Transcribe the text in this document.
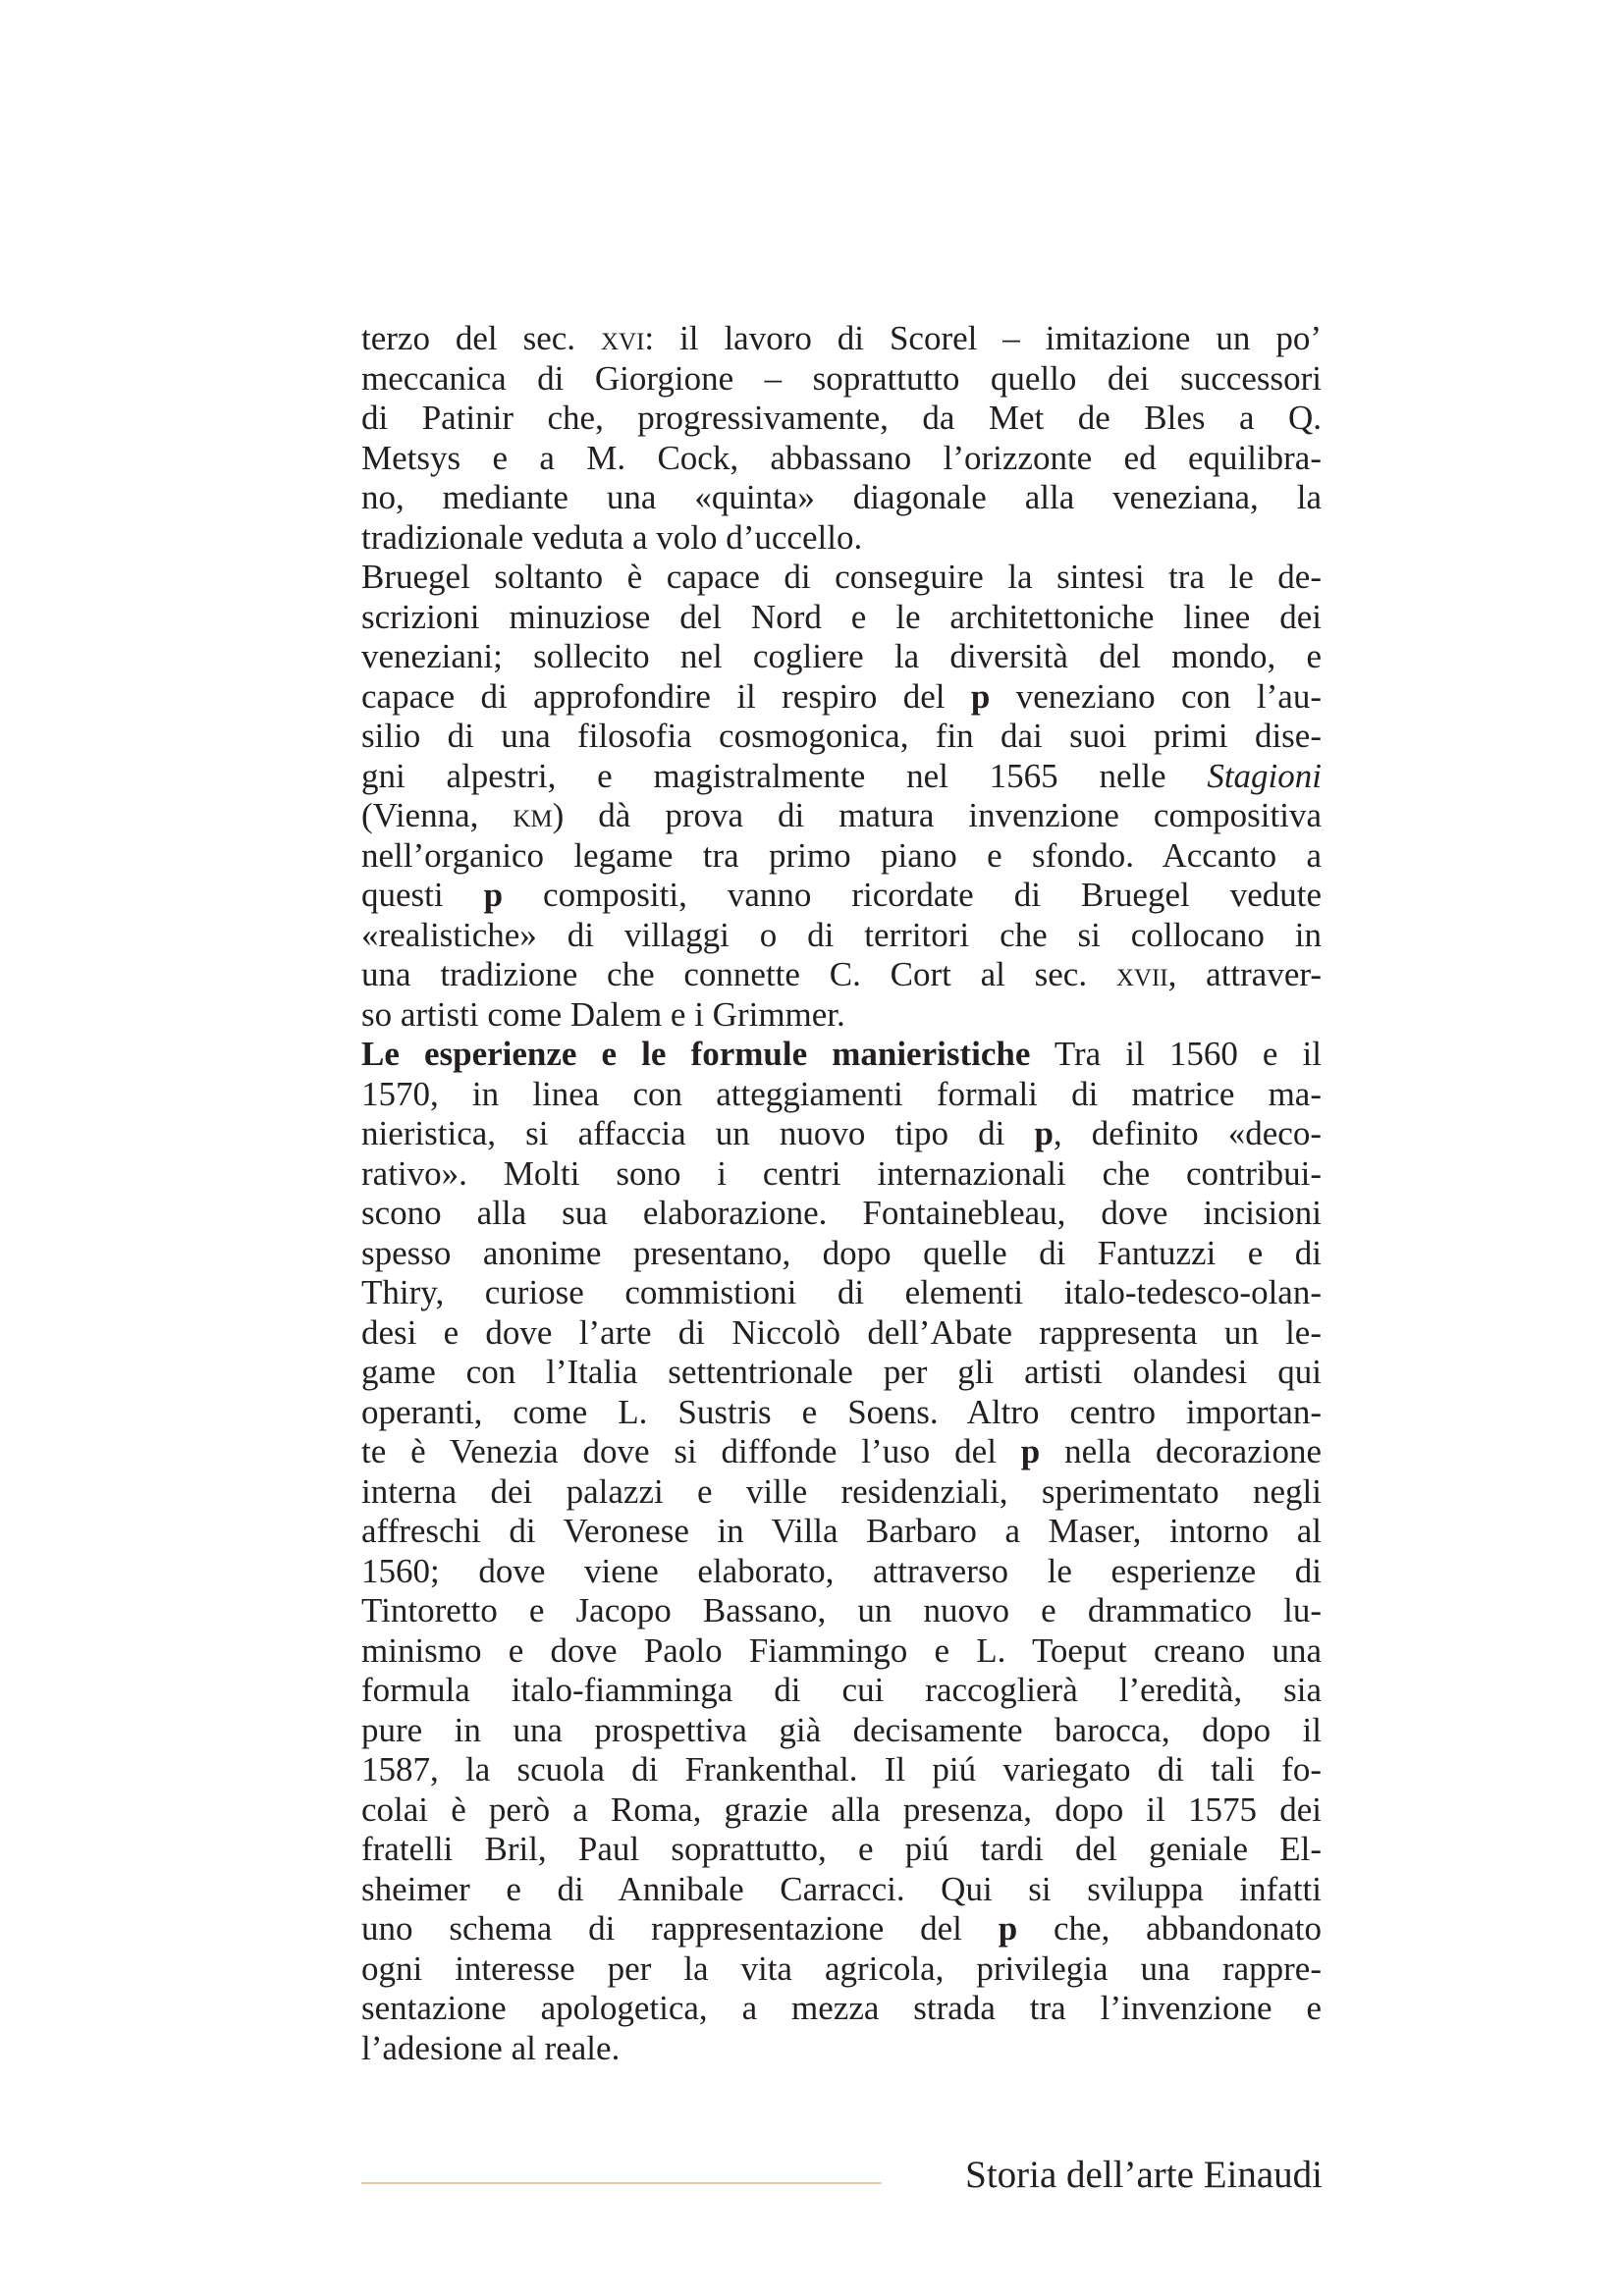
terzo del sec. xvi: il lavoro di Scorel – imitazione un po’
meccanica di Giorgione – soprattutto quello dei successori
di Patinir che, progressivamente, da Met de Bles a Q.
Metsys e a M. Cock, abbassano l’orizzonte ed equilibra-
no, mediante una «quinta» diagonale alla veneziana, la
tradizionale veduta a volo d’uccello.
Bruegel soltanto è capace di conseguire la sintesi tra le de-
scrizioni minuziose del Nord e le architettoniche linee dei
veneziani; sollecito nel cogliere la diversità del mondo, e
capace di approfondire il respiro del p veneziano con l’au-
silio di una filosofia cosmogonica, fin dai suoi primi dise-
gni alpestri, e magistralmente nel 1565 nelle Stagioni
(Vienna, km) dà prova di matura invenzione compositiva
nell’organico legame tra primo piano e sfondo. Accanto a
questi p compositi, vanno ricordate di Bruegel vedute
«realistiche» di villaggi o di territori che si collocano in
una tradizione che connette C. Cort al sec. xvii, attraver-
so artisti come Dalem e i Grimmer.
Le esperienze e le formule manieristiche Tra il 1560 e il
1570, in linea con atteggiamenti formali di matrice ma-
nieristica, si affaccia un nuovo tipo di p, definito «deco-
rativo». Molti sono i centri internazionali che contribui-
scono alla sua elaborazione. Fontainebleau, dove incisioni
spesso anonime presentano, dopo quelle di Fantuzzi e di
Thiry, curiose commistioni di elementi italo-tedesco-olan-
desi e dove l’arte di Niccolò dell’Abate rappresenta un le-
game con l’Italia settentrionale per gli artisti olandesi qui
operanti, come L. Sustris e Soens. Altro centro importan-
te è Venezia dove si diffonde l’uso del p nella decorazione
interna dei palazzi e ville residenziali, sperimentato negli
affreschi di Veronese in Villa Barbaro a Maser, intorno al
1560; dove viene elaborato, attraverso le esperienze di
Tintoretto e Jacopo Bassano, un nuovo e drammatico lu-
minismo e dove Paolo Fiammingo e L. Toeput creano una
formula italo-fiamminga di cui raccoglierà l’eredità, sia
pure in una prospettiva già decisamente barocca, dopo il
1587, la scuola di Frankenthal. Il piú variegato di tali fo-
colai è però a Roma, grazie alla presenza, dopo il 1575 dei
fratelli Bril, Paul soprattutto, e piú tardi del geniale El-
sheimer e di Annibale Carracci. Qui si sviluppa infatti
uno schema di rappresentazione del p che, abbandonato
ogni interesse per la vita agricola, privilegia una rappre-
sentazione apologetica, a mezza strada tra l’invenzione e
l’adesione al reale.
Storia dell’arte Einaudi
